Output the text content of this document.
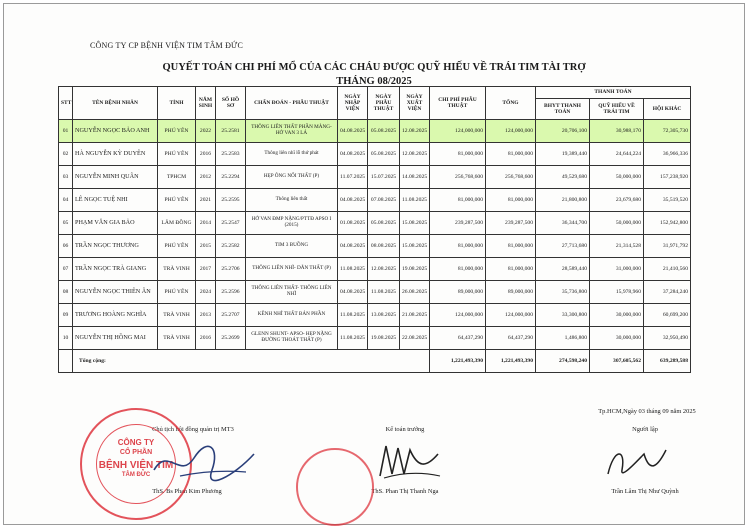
CÔNG TY CP BỆNH VIỆN TIM TÂM ĐỨC
QUYẾT TOÁN CHI PHÍ MỔ CỦA CÁC CHÁU ĐƯỢC QUỸ HIẾU VỀ TRÁI TIM TÀI TRỢ
THÁNG 08/2025
STT	TÊN BỆNH NHÂN	TỈNH	NĂM SINH	SỐ HỒ SƠ	CHẨN ĐOÁN - PHẪU THUẬT	NGÀY NHẬP VIỆN	NGÀY PHẪU THUẬT	NGÀY XUẤT VIỆN	CHI PHÍ PHẪU THUẬT	TỔNG	THANH TOÁN		
											BHYT THANH TOÁN	QUỸ HIẾU VỀ TRÁI TIM	HỘI KHÁC
01	NGUYỄN NGỌC BẢO ANH	PHÚ YÊN	2022	25.2581	THÔNG LIÊN THẤT PHẦN MÀNG- HỞ VAN 3 LÁ	04.08.2025	05.08.2025	12.08.2025	124,000,000	124,000,000	20,706,100	30,988,170	72,305,730
02	HÀ NGUYỄN KỲ DUYÊN	PHÚ YÊN	2016	25.2583	Thông liên nhĩ lỗ thứ phát	04.08.2025	05.08.2025	12.08.2025	81,000,000	81,000,000	19,389,440	24,644,224	36,966,336
03	NGUYỄN MINH QUÂN	TPHCM	2012	25.2294	HẸP ÔNG NỐI THẤT (P)	11.07.2025	15.07.2025	14.08.2025	256,768,600	256,768,600	49,529,680	50,000,000	157,238,920
04	LÊ NGỌC TUỆ NHI	PHÚ YÊN	2021	25.2595	Thông liên thất	04.08.2025	07.08.2025	11.08.2025	81,000,000	81,000,000	21,800,800	23,679,680	35,519,520
05	PHẠM VĂN GIA BẢO	LÂM ĐỒNG	2014	25.2547	HỞ VAN ĐMP NẶNG/PTTĐ APSO I (2015)	01.08.2025	05.08.2025	15.08.2025	239,287,500	239,287,500	36,344,700	50,000,000	152,942,800
06	TRẦN NGỌC THƯƠNG	PHÚ YÊN	2015	25.2582	TIM 3 BUỒNG	04.08.2025	08.08.2025	15.08.2025	81,000,000	81,000,000	27,713,680	21,314,528	31,971,792
07	TRẦN NGỌC TRÀ GIANG	TRÀ VINH	2017	25.2706	THÔNG LIÊN NHĨ- DÃN THẤT (P)	11.08.2025	12.08.2025	19.08.2025	81,000,000	81,000,000	28,589,440	31,000,000	21,410,560
08	NGUYỄN NGỌC THIÊN ÂN	PHÚ YÊN	2024	25.2596	THÔNG LIÊN THẤT- THÔNG LIÊN NHĨ	04.08.2025	11.08.2025	26.08.2025	89,000,000	89,000,000	35,736,800	15,978,960	37,284,240
09	TRƯƠNG HOÀNG NGHĨA	TRÀ VINH	2013	25.2707	KÊNH NHĨ THẤT BÁN PHẦN	11.08.2025	13.08.2025	21.08.2025	124,000,000	124,000,000	33,300,800	30,000,000	60,699,200
10	NGUYỄN THỊ HỒNG MAI	TRÀ VINH	2016	25.2699	GLENN SHUNT- APSO- HẸP NẶNG ĐƯỜNG THOÁT THẤT (P)	11.08.2025	19.08.2025	22.08.2025	64,437,290	64,437,290	1,486,800	30,000,000	32,950,490
	Tổng cộng:								1,221,493,390	1,221,493,390	274,598,240	307,605,562	639,289,588
Tp.HCM,Ngày 03 tháng 09 năm 2025
Chủ tịch hội đồng quản trị MT3
ThS. Bs Phan Kim Phương
Kế toán trưởng
ThS. Phan Thị Thanh Nga
Người lập
Trần Lâm Thị Như Quỳnh
CÔNG TY
CỔ PHẦN
BỆNH VIỆN TIM
TÂM ĐỨC
